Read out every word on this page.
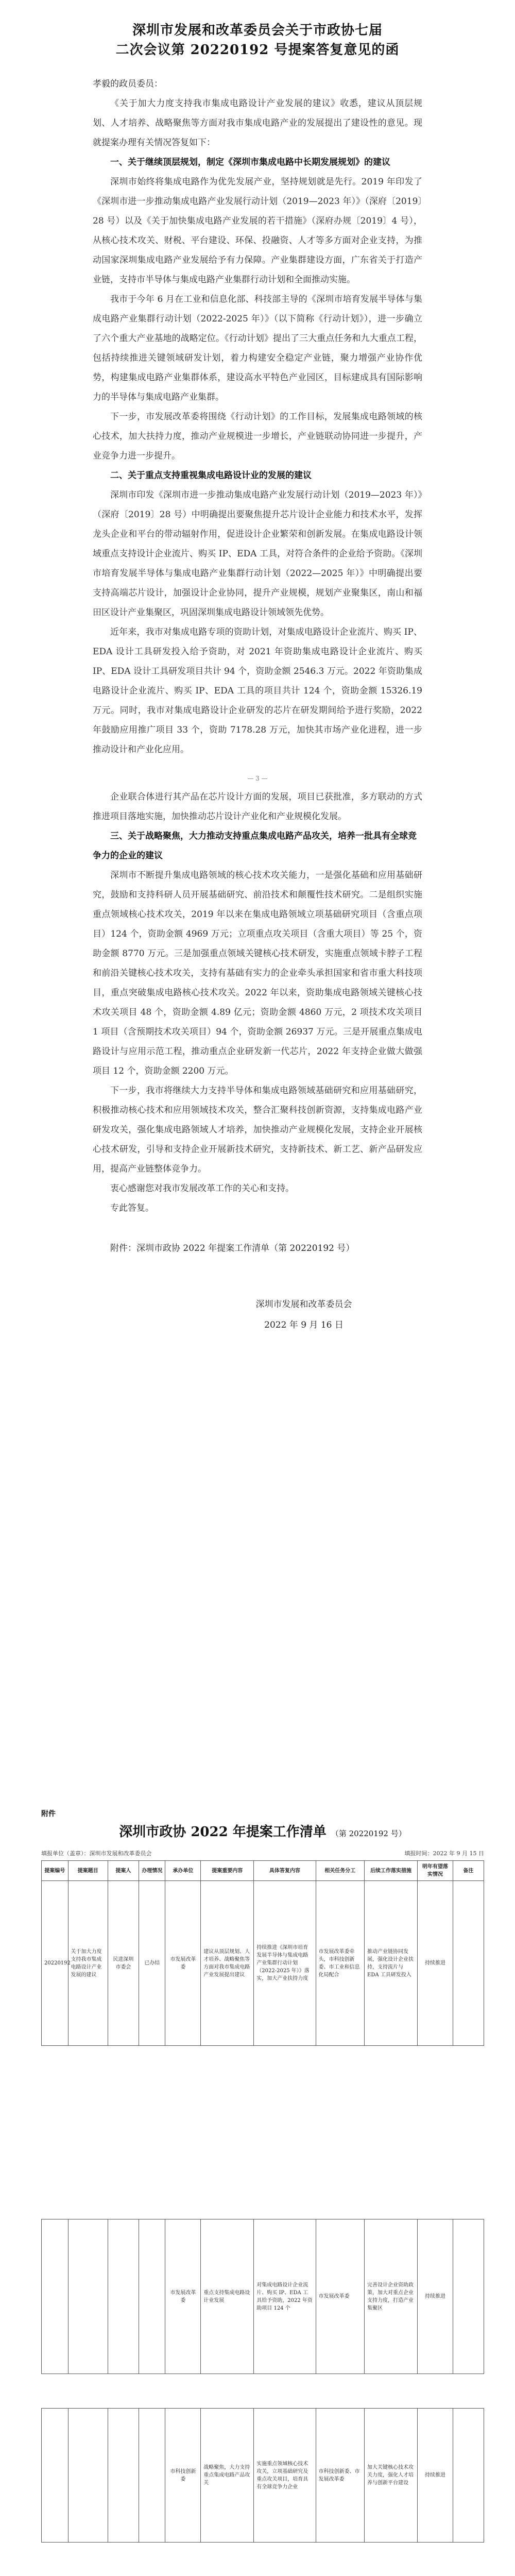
深圳市发展和改革委员会关于市政协七届
二次会议第 20220192 号提案答复意见的函
孝毅的政员委员：

《关于加大力度支持我市集成电路设计产业发展的建议》收悉，建议从顶层规划、人才培养、战略聚焦等方面对我市集成电路产业的发展提出了建设性的意见。现就提案办理有关情况答复如下：

一、关于继续顶层规划，制定《深圳市集成电路中长期发展规划》的建议

深圳市始终将集成电路作为优先发展产业，坚持规划就是先行。2019 年印发了《深圳市进一步推动集成电路产业发展行动计划（2019—2023 年）》（深府〔2019〕28 号）以及《关于加快集成电路产业发展的若干措施》（深府办规〔2019〕4 号），从核心技术攻关、财税、平台建设、环保、投融资、人才等多方面对企业支持，为推动国家深圳集成电路产业发展给予有力保障。产业集群建设方面，广东省关于打造产业链，支持市半导体与集成电路产业集群行动计划和全面推动实施。

我市于今年 6 月在工业和信息化部、科技部主导的《深圳市培育发展半导体与集成电路产业集群行动计划（2022-2025 年）》（以下简称《行动计划》），进一步确立了六个重大产业基地的战略定位。《行动计划》提出了三大重点任务和九大重点工程，包括持续推进关键领域研发计划，着力构建安全稳定产业链，聚力增强产业协作优势，构建集成电路产业集群体系，建设高水平特色产业园区，目标建成具有国际影响力的半导体与集成电路产业集群。

下一步，市发展改革委将围绕《行动计划》的工作目标，发展集成电路领域的核心技术，加大扶持力度，推动产业规模进一步增长，产业链联动协同进一步提升，产业竞争力进一步提升。

二、关于重点支持重视集成电路设计业的发展的建议

深圳市印发《深圳市进一步推动集成电路产业发展行动计划（2019—2023 年）》（深府〔2019〕28 号）中明确提出要聚焦提升芯片设计企业能力和技术水平，发挥龙头企业和平台的带动辐射作用，促进设计企业繁荣和创新发展。在集成电路设计领域重点支持设计企业流片、购买 IP、EDA 工具，对符合条件的企业给予资助。《深圳市培育发展半导体与集成电路产业集群行动计划（2022—2025 年）》中明确提出要支持高端芯片设计，加强设计企业协同，提升产业规模，规划产业聚集区，南山和福田区设计产业集聚区，巩固深圳集成电路设计领域领先优势。

近年来，我市对集成电路专项的资助计划，对集成电路设计企业流片、购买 IP、EDA 设计工具研发投入给予资助，对 2021 年资助集成电路设计企业流片、购买 IP、EDA 设计工具研发项目共计 94 个，资助金额 2546.3 万元。2022 年资助集成电路设计企业流片、购买 IP、EDA 工具的项目共计 124 个，资助金额 15326.19 万元。同时，我市对集成电路设计企业研发的芯片在研发期间给予进行奖励，2022 年鼓励应用推广项目 33 个，资助 7178.28 万元，加快其市场产业化进程，进一步推动设计和产业化应用。

— 3 —

企业联合体进行其产品在芯片设计方面的发展，项目已获批准，多方联动的方式推进项目落地实施，加快推动芯片设计产业化和产业规模化发展。

三、关于战略聚焦，大力推动支持重点集成电路产品攻关，培养一批具有全球竞争力的企业的建议

深圳市不断提升集成电路领域的核心技术攻关能力，一是强化基础和应用基础研究，鼓励和支持科研人员开展基础研究、前沿技术和颠覆性技术研究。二是组织实施重点领域核心技术攻关，2019 年以来在集成电路领域立项基础研究项目（含重点项目）124 个，资助金额 4969 万元；立项重点攻关项目（含重大项目）等 25 个，资助金额 8770 万元。三是加强重点领域关键核心技术研发，实施重点领域卡脖子工程和前沿关键核心技术攻关，支持有基础有实力的企业牵头承担国家和省市重大科技项目，重点突破集成电路核心技术攻关。2022 年以来，资助集成电路领域关键核心技术攻关项目 48 个，资助金额 4.89 亿元；资助金额 4860 万元，2 项技术攻关项目 1 项目（含预期技术攻关项目）94 个，资助金额 26937 万元。三是开展重点集成电路设计与应用示范工程，推动重点企业研发新一代芯片，2022 年支持企业做大做强项目 12 个，资助金额 2200 万元。

下一步，我市将继续大力支持半导体和集成电路领域基础研究和应用基础研究，积极推动核心技术和应用领域技术攻关，整合汇聚科技创新资源，支持集成电路产业研发攻关，强化集成电路领域人才培养，加快推动产业规模化发展，支持企业开展核心技术研发，引导和支持企业开展新技术研究，支持新技术、新工艺、新产品研发应用，提高产业链整体竞争力。

衷心感谢您对我市发展改革工作的关心和支持。

专此答复。

附件：深圳市政协 2022 年提案工作清单（第 20220192 号）

深圳市发展和改革委员会
2022 年 9 月 16 日
附件
深圳市政协 2022 年提案工作清单 （第 20220192 号）
填报单位（盖章）：深圳市发展和改革委员会	填报时间：2022 年 9 月 15 日
提案编号	提案题目	提案人	办理情况	承办单位	提案重要内容	具体答复内容	相关任务分工	后续工作落实措施	明年有望落实情况	备注
20220192	关于加大力度支持我市集成电路设计产业发展的建议	民进深圳市委会	已办结	市发展改革委	建议从顶层规划、人才培养、战略聚焦等方面对我市集成电路产业发展提出建议	持续推进《深圳市培育发展半导体与集成电路产业集群行动计划（2022-2025 年）》落实，加大产业扶持力度	市发展改革委牵头，市科技创新委、市工业和信息化局配合	推动产业链协同发展，强化设计企业扶持，支持流片与 EDA 工具研发投入	持续推进	
				市发展改革委	重点支持集成电路设计业发展	对集成电路设计企业流片、购买 IP、EDA 工具给予资助，2022 年资助项目 124 个	市发展改革委	完善设计企业资助政策，加大对重点企业支持力度，打造产业集聚区	持续推进	
				市科技创新委	战略聚焦，大力支持重点集成电路产品攻关	实施重点领域核心技术攻关，立项基础研究及重点攻关项目，培育具有全球竞争力企业	市科技创新委、市发展改革委	加大关键核心技术攻关力度，强化人才培养与创新平台建设	持续推进	
